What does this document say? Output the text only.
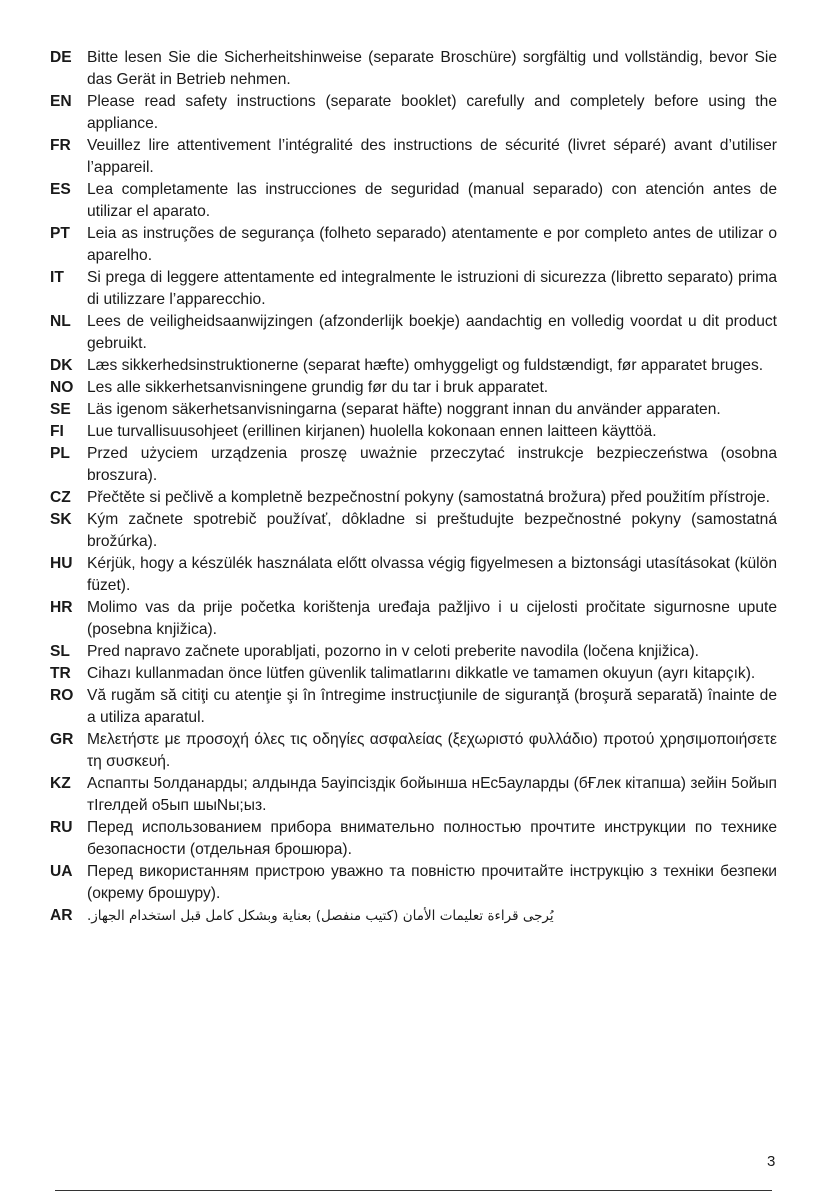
DE Bitte lesen Sie die Sicherheitshinweise (separate Broschüre) sorgfältig und vollständig, bevor Sie das Gerät in Betrieb nehmen.
EN Please read safety instructions (separate booklet) carefully and completely before using the appliance.
FR	Veuillez lire attentivement l’intégralité des instructions de sécurité (livret séparé) avant d’utiliser l’appareil.
ES	Lea completamente las instrucciones de seguridad (manual separado) con atención antes de utilizar el aparato.
PT	Leia as instruções de segurança (folheto separado) atentamente e por completo antes de utilizar o aparelho.
IT	Si prega di leggere attentamente ed integralmente le istruzioni di sicurezza (libretto separato) prima di utilizzare l’apparecchio.
NL	Lees de veiligheidsaanwijzingen (afzonderlijk boekje) aandachtig en volledig voordat u dit product gebruikt.
DK Læs sikkerhedsinstruktionerne (separat hæfte) omhyggeligt og fuldstændigt, før apparatet bruges.
NO Les alle sikkerhetsanvisningene grundig før du tar i bruk apparatet.
SE	Läs igenom säkerhetsanvisningarna (separat häfte) noggrant innan du använder apparaten.
FI	Lue turvallisuusohjeet (erillinen kirjanen) huolella kokonaan ennen laitteen käyttöä.
PL	Przed użyciem urządzenia proszę uważnie przeczytać instrukcje bezpieczeństwa (osobna broszura).
CZ	Přečtěte si pečlivě a kompletně bezpečnostní pokyny (samostatná brožura) před použitím přístroje.
SK Kým začnete spotrebič používať, dôkladne si preštudujte bezpečnostné pokyny (samostatná brožúrka).
HU Kérjük, hogy a készülék használata előtt olvassa végig figyelmesen a biztonsági utasításokat (külön füzet).
HR Molimo vas da prije početka korištenja uređaja pažljivo i u cijelosti pročitate sigurnosne upute (posebna knjižica).
SL	Pred napravo začnete uporabljati, pozorno in v celoti preberite navodila (ločena knjižica).
TR	Cihazı kullanmadan önce lütfen güvenlik talimatlarını dikkatle ve tamamen okuyun (ayrı kitapçık).
RO Vă rugăm să citiţi cu atenţie şi în întregime instrucţiunile de siguranţă (broşură separată) înainte de a utiliza aparatul.
GR Μελετήστε με προσοχή όλες τις οδηγίες ασφαλείας (ξεχωριστό φυλλάδιο) προτού χρησιμοποιήσετε τη συσκευή.
KZ	Аспапты 5олданарды; алдында 5ауіпсіздік бойынша нЕс5ауларды (бҒлек кітапша) зейін 5ойып тІгелдей о5ып шыNы;ыз.
RU Перед использованием прибора внимательно полностью прочтите инструкции по технике безопасности (отдельная брошюра).
UA Перед використанням пристрою уважно та повністю прочитайте інструкцію з техніки безпеки (окрему брошуру).
AR	يُرجى قراءة تعليمات الأمان (كتيب منفصل) بعناية وبشكل كامل قبل استخدام الجهاز.
3
